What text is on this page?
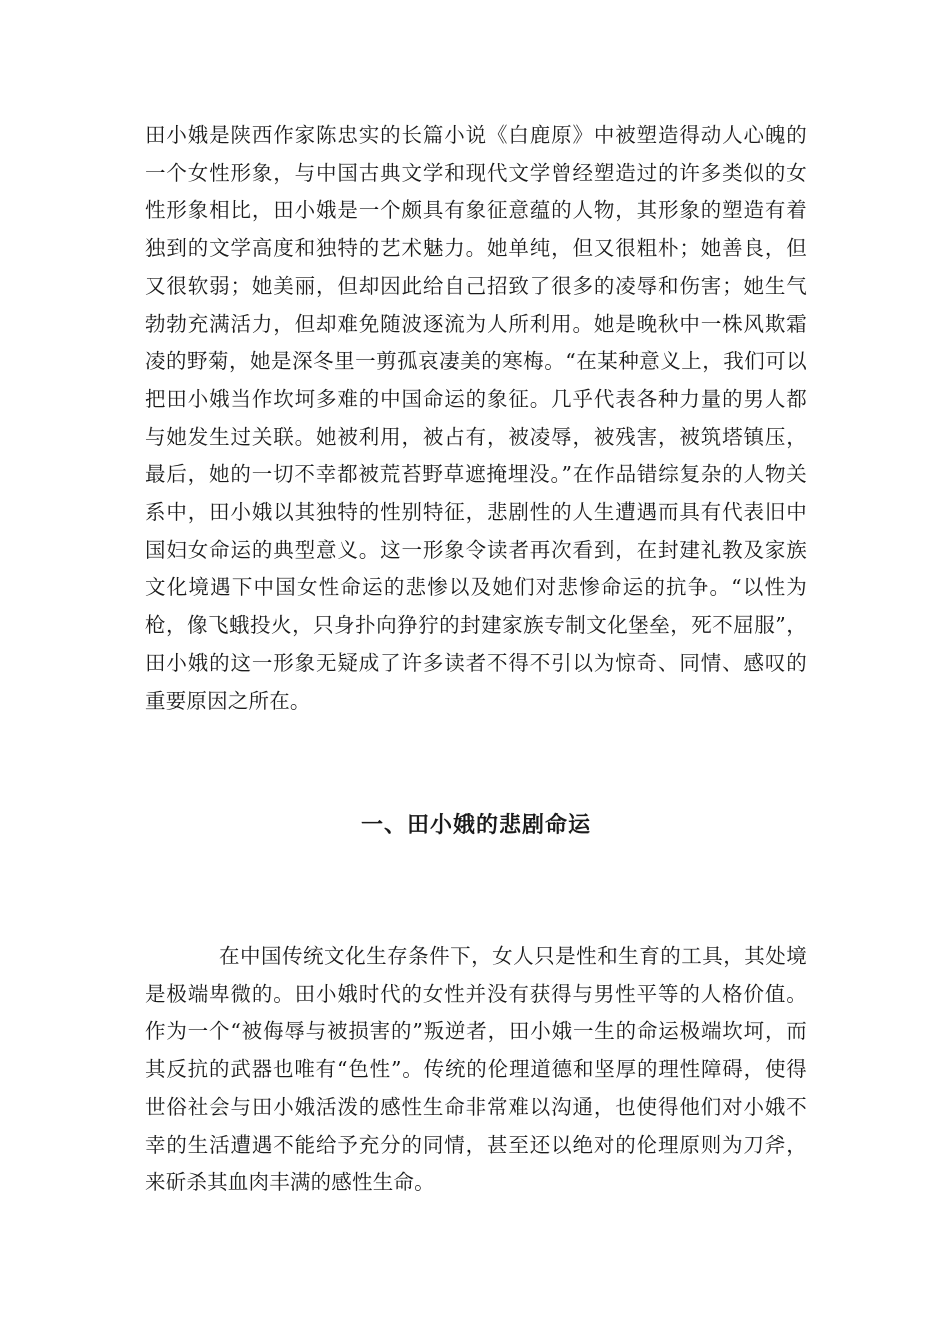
田小娥是陕西作家陈忠实的长篇小说《白鹿原》中被塑造得动人心魄的一个女性形象，与中国古典文学和现代文学曾经塑造过的许多类似的女性形象相比，田小娥是一个颇具有象征意蕴的人物，其形象的塑造有着独到的文学高度和独特的艺术魅力。她单纯，但又很粗朴；她善良，但又很软弱；她美丽，但却因此给自己招致了很多的凌辱和伤害；她生气勃勃充满活力，但却难免随波逐流为人所利用。她是晚秋中一株风欺霜凌的野菊，她是深冬里一剪孤哀凄美的寒梅。“在某种意义上，我们可以把田小娥当作坎坷多难的中国命运的象征。几乎代表各种力量的男人都与她发生过关联。她被利用，被占有，被凌辱，被残害，被筑塔镇压，最后，她的一切不幸都被荒苔野草遮掩埋没。”在作品错综复杂的人物关系中，田小娥以其独特的性别特征，悲剧性的人生遭遇而具有代表旧中国妇女命运的典型意义。这一形象令读者再次看到，在封建礼教及家族文化境遇下中国女性命运的悲惨以及她们对悲惨命运的抗争。“以性为枪，像飞蛾投火，只身扑向狰狞的封建家族专制文化堡垒，死不屈服”，田小娥的这一形象无疑成了许多读者不得不引以为惊奇、同情、感叹的重要原因之所在。

一、田小娥的悲剧命运

在中国传统文化生存条件下，女人只是性和生育的工具，其处境是极端卑微的。田小娥时代的女性并没有获得与男性平等的人格价值。作为一个“被侮辱与被损害的”叛逆者，田小娥一生的命运极端坎坷，而其反抗的武器也唯有“色性”。传统的伦理道德和坚厚的理性障碍，使得世俗社会与田小娥活泼的感性生命非常难以沟通，也使得他们对小娥不幸的生活遭遇不能给予充分的同情，甚至还以绝对的伦理原则为刀斧，来斫杀其血肉丰满的感性生命。
